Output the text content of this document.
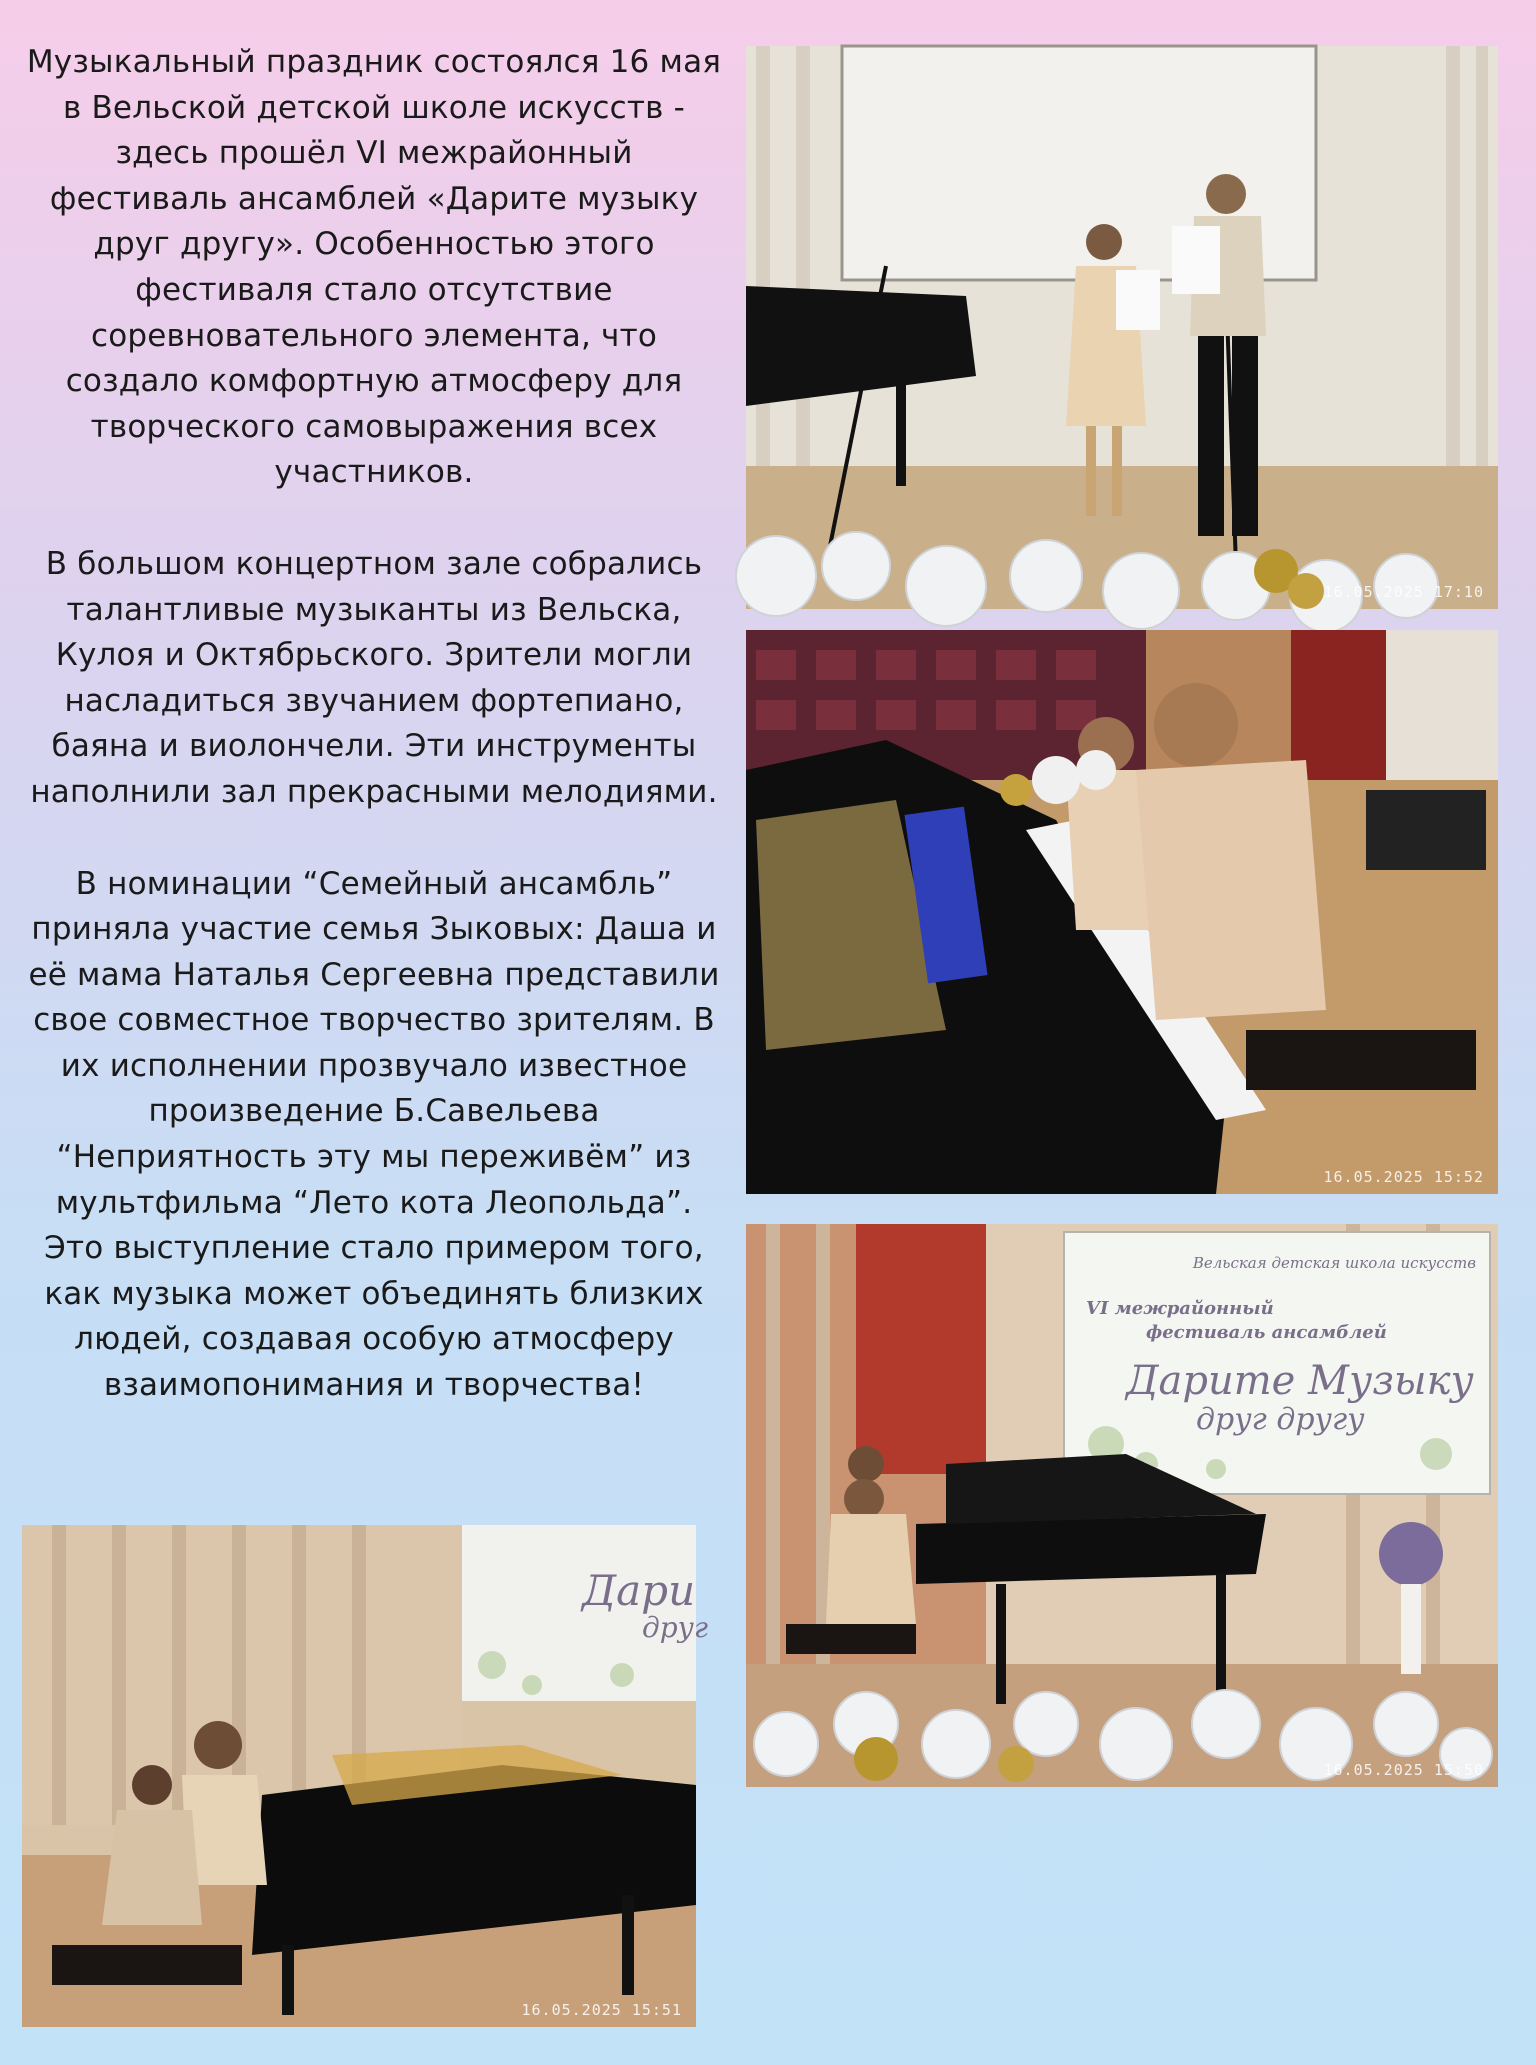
Музыкальный праздник состоялся 16 мая в Вельской детской школе искусств - здесь прошёл VI межрайонный фестиваль ансамблей «Дарите музыку друг другу». Особенностью этого фестиваля стало отсутствие соревновательного элемента, что создало комфортную атмосферу для творческого самовыражения всех участников.

В большом концертном зале собрались талантливые музыканты из Вельска, Кулоя и Октябрьского. Зрители могли насладиться звучанием фортепиано, баяна и виолончели. Эти инструменты наполнили зал прекрасными мелодиями.

В номинации “Семейный ансамбль” приняла участие семья Зыковых: Даша и её мама Наталья Сергеевна представили свое совместное творчество зрителям. В их исполнении прозвучало известное произведение Б.Савельева “Неприятность эту мы переживём” из мультфильма “Лето кота Леопольда”. Это выступление стало примером того, как музыка может объединять близких людей, создавая особую атмосферу взаимопонимания и творчества!

16.05.2025 17:10
16.05.2025 15:52
Вельская детская школа искусств
VI межрайонный
фестиваль ансамблей
Дарите Музыку
друг другу
16.05.2025 15:50
Дари
друг
16.05.2025 15:51
